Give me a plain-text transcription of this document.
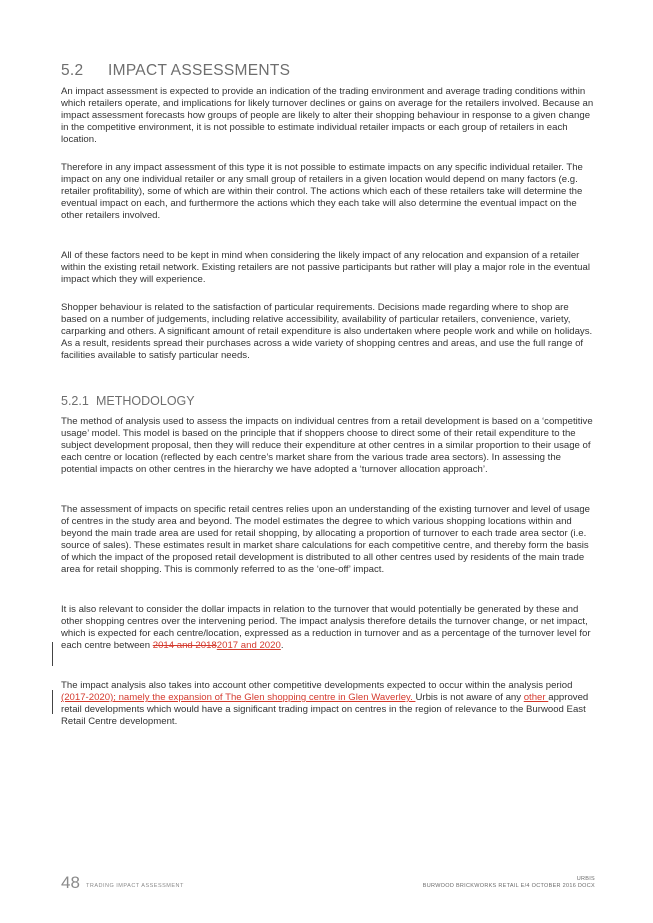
5.2 IMPACT ASSESSMENTS

An impact assessment is expected to provide an indication of the trading environment and average trading conditions within which retailers operate, and implications for likely turnover declines or gains on average for the retailers involved. Because an impact assessment forecasts how groups of people are likely to alter their shopping behaviour in response to a given change in the competitive environment, it is not possible to estimate individual retailer impacts or each group of retailers in each location.

Therefore in any impact assessment of this type it is not possible to estimate impacts on any specific individual retailer. The impact on any one individual retailer or any small group of retailers in a given location would depend on many factors (e.g. retailer profitability), some of which are within their control. The actions which each of these retailers take will determine the eventual impact on each, and furthermore the actions which they each take will also determine the eventual impact on the other retailers involved.

All of these factors need to be kept in mind when considering the likely impact of any relocation and expansion of a retailer within the existing retail network. Existing retailers are not passive participants but rather will play a major role in the eventual impact which they will experience.

Shopper behaviour is related to the satisfaction of particular requirements. Decisions made regarding where to shop are based on a number of judgements, including relative accessibility, availability of particular retailers, convenience, variety, carparking and others. A significant amount of retail expenditure is also undertaken where people work and while on holidays. As a result, residents spread their purchases across a wide variety of shopping centres and areas, and use the full range of facilities available to satisfy particular needs.

5.2.1 METHODOLOGY

The method of analysis used to assess the impacts on individual centres from a retail development is based on a ‘competitive usage’ model. This model is based on the principle that if shoppers choose to direct some of their retail expenditure to the subject development proposal, then they will reduce their expenditure at other centres in a similar proportion to their usage of each centre or location (reflected by each centre’s market share from the various trade area sectors). In assessing the potential impacts on other centres in the hierarchy we have adopted a ‘turnover allocation approach’.

The assessment of impacts on specific retail centres relies upon an understanding of the existing turnover and level of usage of centres in the study area and beyond. The model estimates the degree to which various shopping locations within and beyond the main trade area are used for retail shopping, by allocating a proportion of turnover to each trade area sector (i.e. source of sales). These estimates result in market share calculations for each competitive centre, and thereby form the basis of which the impact of the proposed retail development is distributed to all other centres used by residents of the main trade area for retail shopping. This is commonly referred to as the ‘one-off’ impact.

It is also relevant to consider the dollar impacts in relation to the turnover that would potentially be generated by these and other shopping centres over the intervening period. The impact analysis therefore details the turnover change, or net impact, which is expected for each centre/location, expressed as a reduction in turnover and as a percentage of the turnover level for each centre between 2014 and 20182017 and 2020.

The impact analysis also takes into account other competitive developments expected to occur within the analysis period (2017-2020); namely the expansion of The Glen shopping centre in Glen Waverley. Urbis is not aware of any other approved retail developments which would have a significant trading impact on centres in the region of relevance to the Burwood East Retail Centre development.

48 TRADING IMPACT ASSESSMENT
URBIS
BURWOOD BRICKWORKS RETAIL E/4 OCTOBER 2016 DOCX
